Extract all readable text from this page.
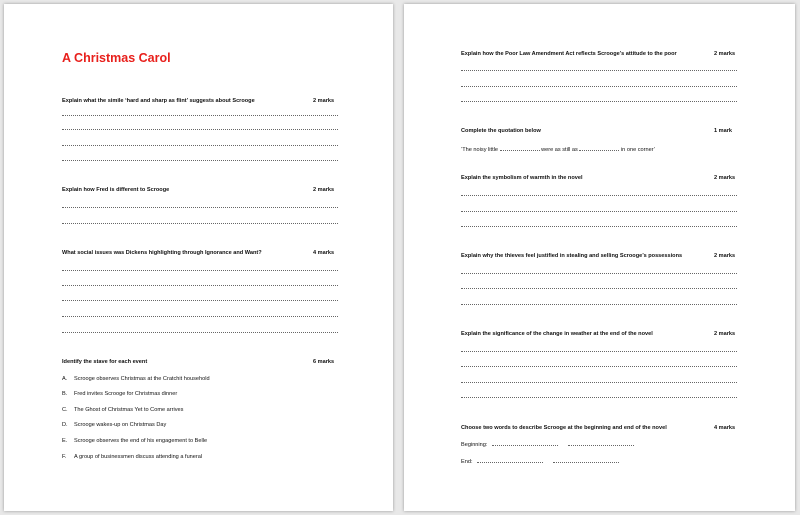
A Christmas Carol
Explain what the simile ‘hard and sharp as flint’ suggests about Scrooge	2 marks
Explain how Fred is different to Scrooge	2 marks
What social issues was Dickens highlighting through Ignorance and Want?	4 marks
Identify the stave for each event	6 marks
A. Scrooge observes Christmas at the Cratchit household
B. Fred invites Scrooge for Christmas dinner
C. The Ghost of Christmas Yet to Come arrives
D. Scrooge wakes-up on Christmas Day
E. Scrooge observes the end of his engagement to Belle
F. A group of businessmen discuss attending a funeral
Explain how the Poor Law Amendment Act reflects Scrooge’s attitude to the poor	2 marks
Complete the quotation below	1 mark
‘The noisy little	were as still as	in one corner’
Explain the symbolism of warmth in the novel	2 marks
Explain why the thieves feel justified in stealing and selling Scrooge’s possessions	2 marks
Explain the significance of the change in weather at the end of the novel	2 marks
Choose two words to describe Scrooge at the beginning and end of the novel	4 marks
Beginning:
End:
